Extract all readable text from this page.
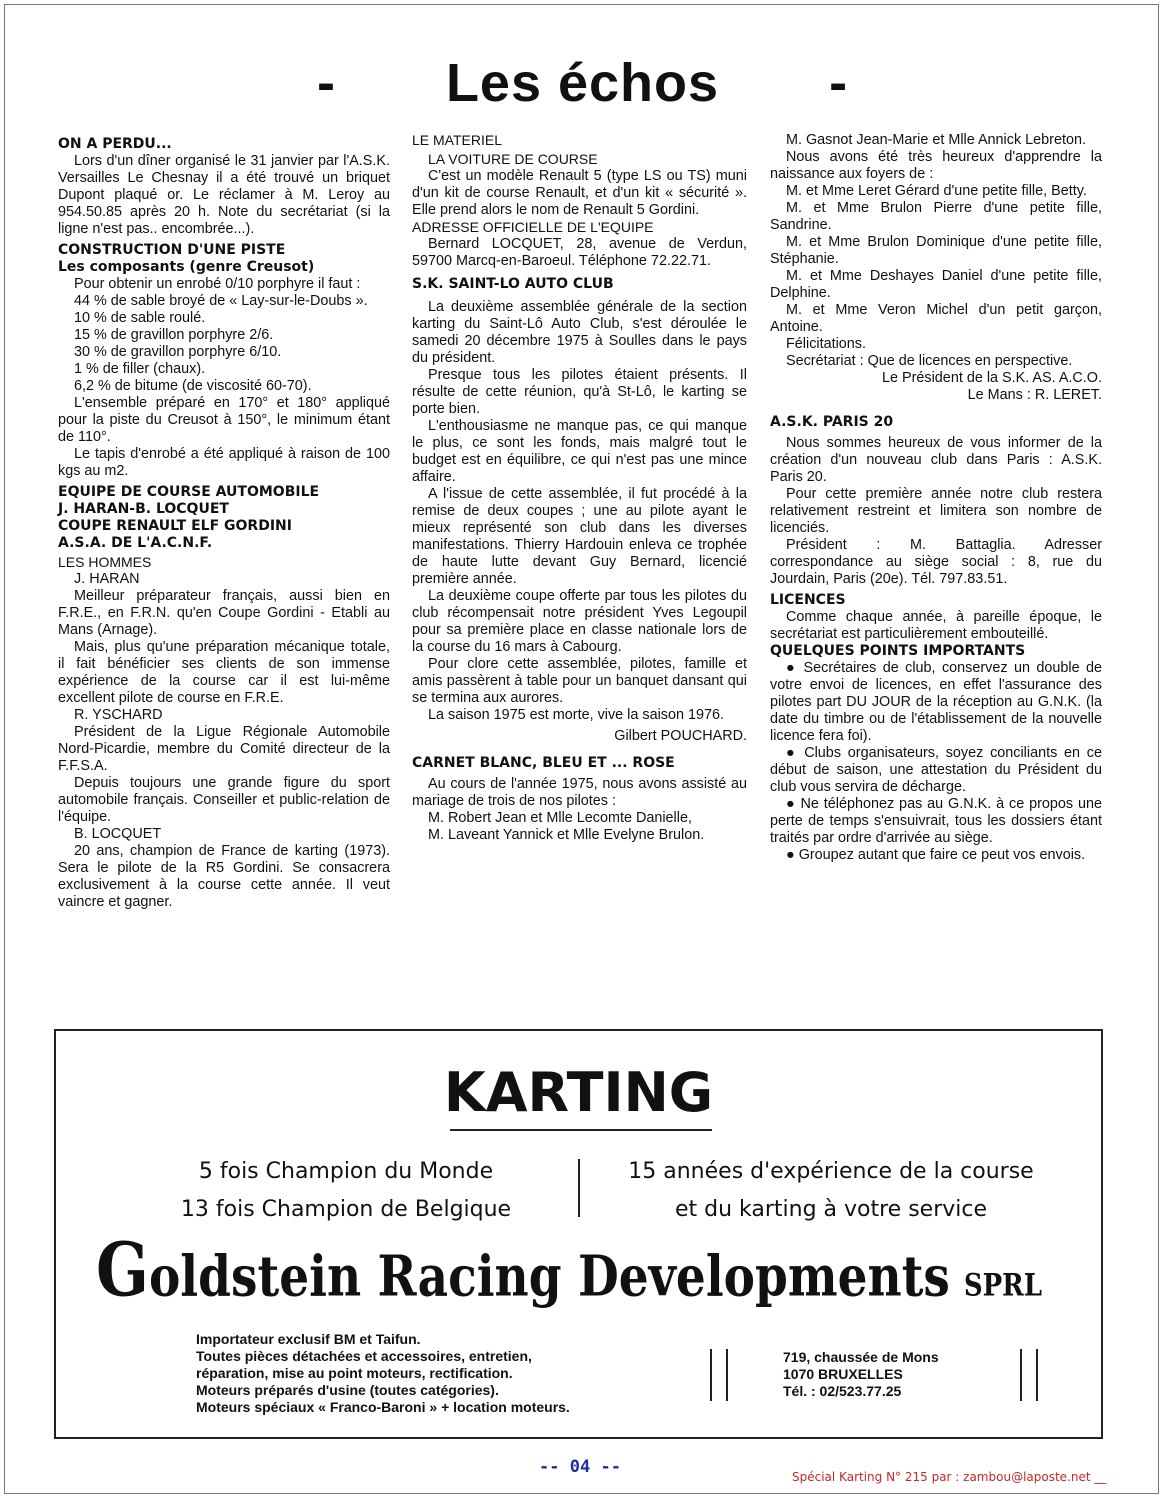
- Les échos -

ON A PERDU...

Lors d'un dîner organisé le 31 janvier par l'A.S.K. Versailles Le Chesnay il a été trouvé un briquet Dupont plaqué or. Le réclamer à M. Leroy au 954.50.85 après 20 h. Note du secrétariat (si la ligne n'est pas.. encombrée...).

CONSTRUCTION D'UNE PISTE

Les composants (genre Creusot)

Pour obtenir un enrobé 0/10 porphyre il faut :

44 % de sable broyé de « Lay-sur-le-Doubs ».

10 % de sable roulé.

15 % de gravillon porphyre 2/6.

30 % de gravillon porphyre 6/10.

1 % de filler (chaux).

6,2 % de bitume (de viscosité 60-70).

L'ensemble préparé en 170° et 180° appliqué pour la piste du Creusot à 150°, le minimum étant de 110°.

Le tapis d'enrobé a été appliqué à raison de 100 kgs au m2.

EQUIPE DE COURSE AUTOMOBILE

J. HARAN-B. LOCQUET

COUPE RENAULT ELF GORDINI

A.S.A. DE L'A.C.N.F.

LES HOMMES

J. HARAN

Meilleur préparateur français, aussi bien en F.R.E., en F.R.N. qu'en Coupe Gordini - Etabli au Mans (Arnage).

Mais, plus qu'une préparation mécanique totale, il fait bénéficier ses clients de son immense expérience de la course car il est lui-même excellent pilote de course en F.R.E.

R. YSCHARD

Président de la Ligue Régionale Automobile Nord-Picardie, membre du Comité directeur de la F.F.S.A.

Depuis toujours une grande figure du sport automobile français. Conseiller et public-relation de l'équipe.

B. LOCQUET

20 ans, champion de France de karting (1973). Sera le pilote de la R5 Gordini. Se consacrera exclusivement à la course cette année. Il veut vaincre et gagner.

LE MATERIEL

LA VOITURE DE COURSE

C'est un modèle Renault 5 (type LS ou TS) muni d'un kit de course Renault, et d'un kit « sécurité ». Elle prend alors le nom de Renault 5 Gordini.

ADRESSE OFFICIELLE DE L'EQUIPE

Bernard LOCQUET, 28, avenue de Verdun, 59700 Marcq-en-Baroeul. Téléphone 72.22.71.

S.K. SAINT-LO AUTO CLUB

La deuxième assemblée générale de la section karting du Saint-Lô Auto Club, s'est déroulée le samedi 20 décembre 1975 à Soulles dans le pays du président.

Presque tous les pilotes étaient présents. Il résulte de cette réunion, qu'à St-Lô, le karting se porte bien.

L'enthousiasme ne manque pas, ce qui manque le plus, ce sont les fonds, mais malgré tout le budget est en équilibre, ce qui n'est pas une mince affaire.

A l'issue de cette assemblée, il fut procédé à la remise de deux coupes ; une au pilote ayant le mieux représenté son club dans les diverses manifestations. Thierry Hardouin enleva ce trophée de haute lutte devant Guy Bernard, licencié première année.

La deuxième coupe offerte par tous les pilotes du club récompensait notre président Yves Legoupil pour sa première place en classe nationale lors de la course du 16 mars à Cabourg.

Pour clore cette assemblée, pilotes, famille et amis passèrent à table pour un banquet dansant qui se termina aux aurores.

La saison 1975 est morte, vive la saison 1976.

Gilbert POUCHARD.

CARNET BLANC, BLEU ET ... ROSE

Au cours de l'année 1975, nous avons assisté au mariage de trois de nos pilotes :

M. Robert Jean et Mlle Lecomte Danielle,

M. Laveant Yannick et Mlle Evelyne Brulon.

M. Gasnot Jean-Marie et Mlle Annick Lebreton.

Nous avons été très heureux d'apprendre la naissance aux foyers de :

M. et Mme Leret Gérard d'une petite fille, Betty.

M. et Mme Brulon Pierre d'une petite fille, Sandrine.

M. et Mme Brulon Dominique d'une petite fille, Stéphanie.

M. et Mme Deshayes Daniel d'une petite fille, Delphine.

M. et Mme Veron Michel d'un petit garçon, Antoine.

Félicitations.

Secrétariat : Que de licences en perspective.

Le Président de la S.K. AS. A.C.O.

Le Mans : R. LERET.

A.S.K. PARIS 20

Nous sommes heureux de vous informer de la création d'un nouveau club dans Paris : A.S.K. Paris 20.

Pour cette première année notre club restera relativement restreint et limitera son nombre de licenciés.

Président : M. Battaglia. Adresser correspondance au siège social : 8, rue du Jourdain, Paris (20e). Tél. 797.83.51.

LICENCES

Comme chaque année, à pareille époque, le secrétariat est particulièrement embouteillé.

QUELQUES POINTS IMPORTANTS

● Secrétaires de club, conservez un double de votre envoi de licences, en effet l'assurance des pilotes part DU JOUR de la réception au G.N.K. (la date du timbre ou de l'établissement de la nouvelle licence fera foi).

● Clubs organisateurs, soyez conciliants en ce début de saison, une attestation du Président du club vous servira de décharge.

● Ne téléphonez pas au G.N.K. à ce propos une perte de temps s'ensuivrait, tous les dossiers étant traités par ordre d'arrivée au siège.

● Groupez autant que faire ce peut vos envois.

KARTING
5 fois Champion du Monde
13 fois Champion de Belgique
15 années d'expérience de la course
et du karting à votre service
Goldstein Racing Developments SPRL
Importateur exclusif BM et Taifun.
Toutes pièces détachées et accessoires, entretien,
réparation, mise au point moteurs, rectification.
Moteurs préparés d'usine (toutes catégories).
Moteurs spéciaux « Franco-Baroni » + location moteurs.
719, chaussée de Mons
1070 BRUXELLES
Tél. : 02/523.77.25
-- 04 --	Spécial Karting N° 215 par : zambou@laposte.net __
